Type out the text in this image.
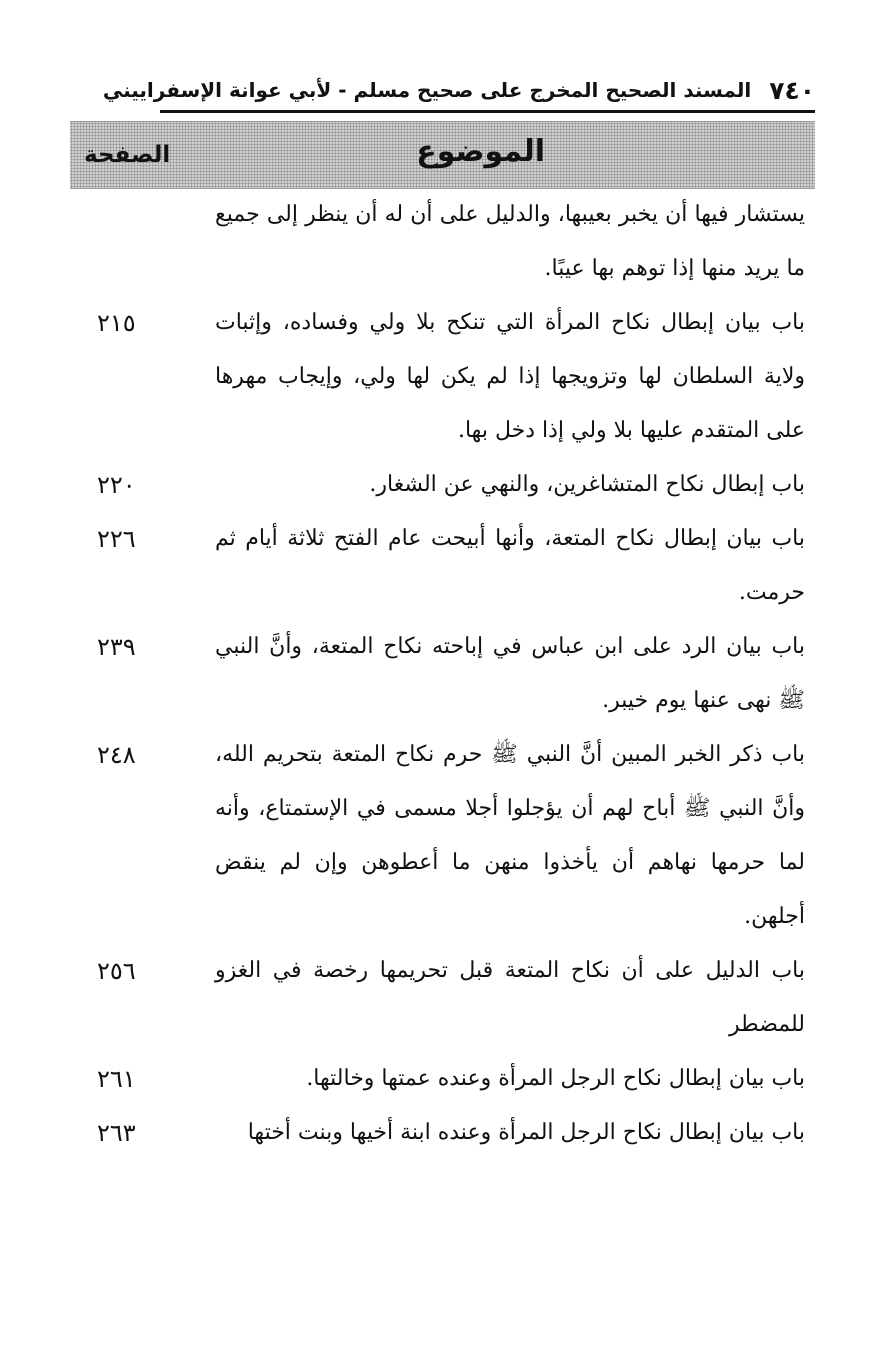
٧٤٠
المسند الصحيح المخرج على صحيح مسلم - لأبي عوانة الإسفراييني
الموضوع
الصفحة
يستشار فيها أن يخبر بعيبها، والدليل على أن له أن ينظر إلى جميع ما يريد منها إذا توهم بها عيبًا.
باب بيان إبطال نكاح المرأة التي تنكح بلا ولي وفساده، وإثبات ولاية السلطان لها وتزويجها إذا لم يكن لها ولي، وإيجاب مهرها على المتقدم عليها بلا ولي إذا دخل بها.
٢١٥
باب إبطال نكاح المتشاغرين، والنهي عن الشغار.
٢٢٠
باب بيان إبطال نكاح المتعة، وأنها أبيحت عام الفتح ثلاثة أيام ثم حرمت.
٢٢٦
باب بيان الرد على ابن عباس في إباحته نكاح المتعة، وأنَّ النبي ﷺ نهى عنها يوم خيبر.
٢٣٩
باب ذكر الخبر المبين أنَّ النبي ﷺ حرم نكاح المتعة بتحريم الله، وأنَّ النبي ﷺ أباح لهم أن يؤجلوا أجلا مسمى في الإستمتاع، وأنه لما حرمها نهاهم أن يأخذوا منهن ما أعطوهن وإن لم ينقض أجلهن.
٢٤٨
باب الدليل على أن نكاح المتعة قبل تحريمها رخصة في الغزو للمضطر
٢٥٦
باب بيان إبطال نكاح الرجل المرأة وعنده عمتها وخالتها.
٢٦١
باب بيان إبطال نكاح الرجل المرأة وعنده ابنة أخيها وبنت أختها
٢٦٣
